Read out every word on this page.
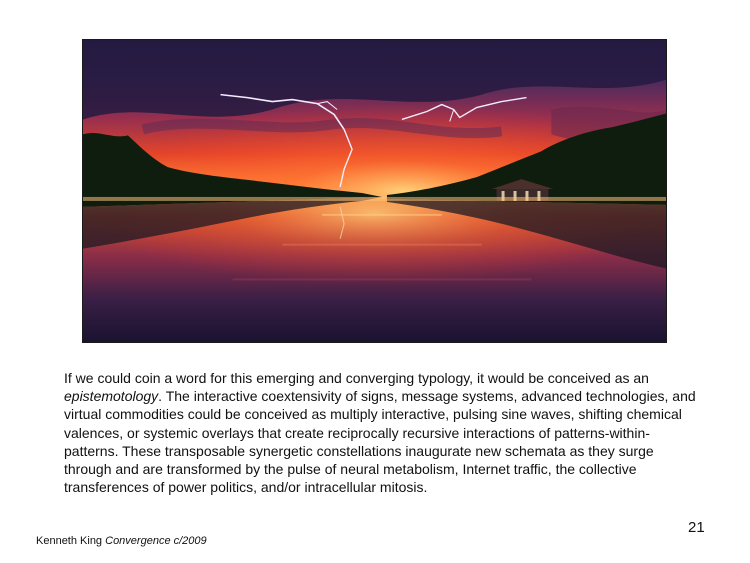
If we could coin a word for this emerging and converging typology, it would be conceived as an epistemotology. The interactive coextensivity of signs, message systems, advanced technologies, and virtual commodities could be conceived as multiply interactive, pulsing sine waves, shifting chemical valences, or systemic overlays that create reciprocally recursive interactions of patterns-within-patterns. These transposable synergetic constellations inaugurate new schemata as they surge through and are transformed by the pulse of neural metabolism, Internet traffic, the collective transferences of power politics, and/or intracellular mitosis.

21
Kenneth King Convergence c/2009
